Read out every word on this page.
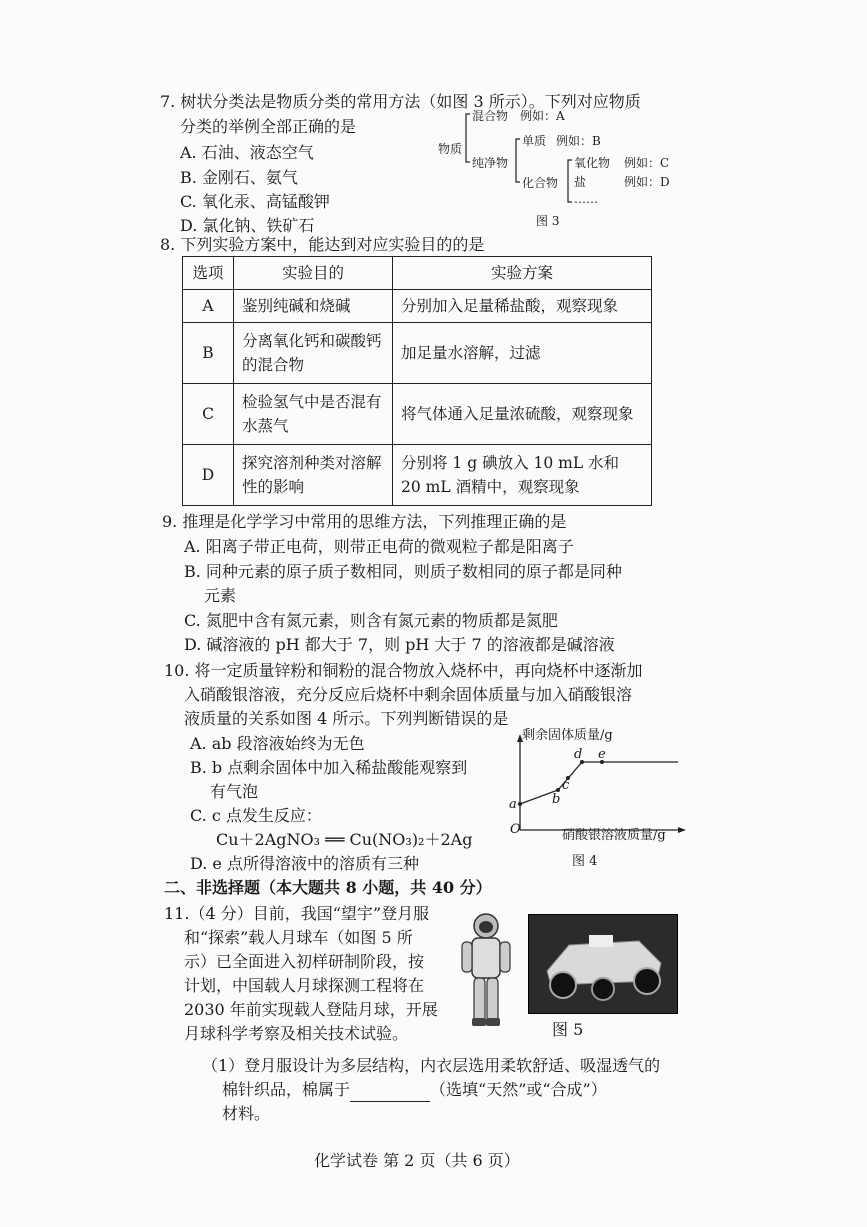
7. 树状分类法是物质分类的常用方法（如图 3 所示）。下列对应物质
分类的举例全部正确的是
A. 石油、液态空气
B. 金刚石、氨气
C. 氧化汞、高锰酸钾
D. 氯化钠、铁矿石
物质
混合物 例如：A
纯净物
单质 例如：B
化合物
氧化物 例如：C
盐	例如：D
……
图 3
8. 下列实验方案中，能达到对应实验目的的是
选项	实验目的	实验方案
A	鉴别纯碱和烧碱	分别加入足量稀盐酸，观察现象
B	分离氧化钙和碳酸钙的混合物	加足量水溶解，过滤
C	检验氢气中是否混有水蒸气	将气体通入足量浓硫酸，观察现象
D	探究溶剂种类对溶解性的影响	分别将 1 g 碘放入 10 mL 水和 20 mL 酒精中，观察现象
9. 推理是化学学习中常用的思维方法，下列推理正确的是
A. 阳离子带正电荷，则带正电荷的微观粒子都是阳离子
B. 同种元素的原子质子数相同，则质子数相同的原子都是同种
元素
C. 氮肥中含有氮元素，则含有氮元素的物质都是氮肥
D. 碱溶液的 pH 都大于 7，则 pH 大于 7 的溶液都是碱溶液
10. 将一定质量锌粉和铜粉的混合物放入烧杯中，再向烧杯中逐渐加
入硝酸银溶液，充分反应后烧杯中剩余固体质量与加入硝酸银溶
液质量的关系如图 4 所示。下列判断错误的是
A. ab 段溶液始终为无色
B. b 点剩余固体中加入稀盐酸能观察到
有气泡
C. c 点发生反应：
Cu＋2AgNO₃ ══ Cu(NO₃)₂＋2Ag
D. e 点所得溶液中的溶质有三种
剩余固体质量/g
硝酸银溶液质量/g
O
a	b
c
d e
图 4
二、非选择题（本大题共 8 小题，共 40 分）
11.（4 分）目前，我国“望宇”登月服
和“探索”载人月球车（如图 5 所
示）已全面进入初样研制阶段，按
计划，中国载人月球探测工程将在
2030 年前实现载人登陆月球，开展
月球科学考察及相关技术试验。	图 5
（1）登月服设计为多层结构，内衣层选用柔软舒适、吸湿透气的
棉针织品，棉属于	（选填“天然”或“合成”）
材料。
化学试卷 第 2 页（共 6 页）
